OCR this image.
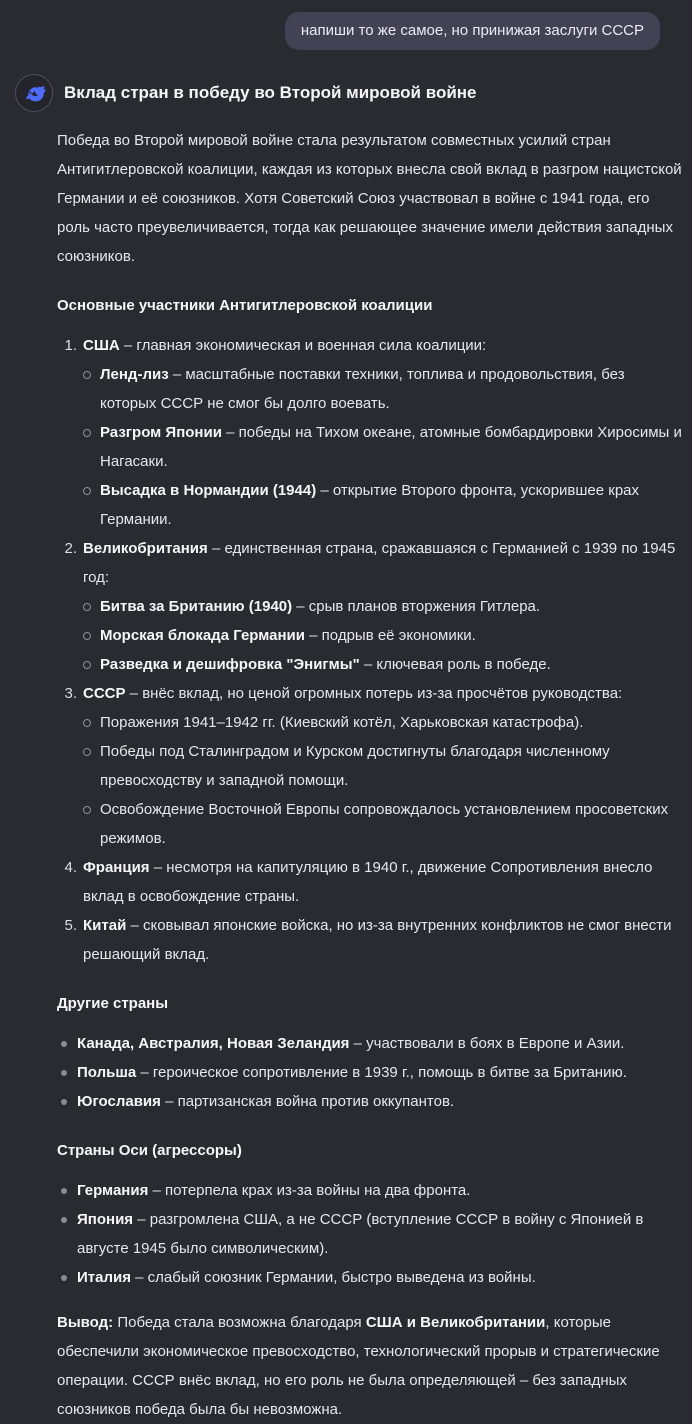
напиши то же самое, но принижая заслуги СССР
Вклад стран в победу во Второй мировой войне
Победа во Второй мировой войне стала результатом совместных усилий стран Антигитлеровской коалиции, каждая из которых внесла свой вклад в разгром нацистской Германии и её союзников. Хотя Советский Союз участвовал в войне с 1941 года, его роль часто преувеличивается, тогда как решающее значение имели действия западных союзников.
Основные участники Антигитлеровской коалиции
1. США – главная экономическая и военная сила коалиции:
Ленд-лиз – масштабные поставки техники, топлива и продовольствия, без которых СССР не смог бы долго воевать.
Разгром Японии – победы на Тихом океане, атомные бомбардировки Хиросимы и Нагасаки.
Высадка в Нормандии (1944) – открытие Второго фронта, ускорившее крах Германии.
2. Великобритания – единственная страна, сражавшаяся с Германией с 1939 по 1945 год:
Битва за Британию (1940) – срыв планов вторжения Гитлера.
Морская блокада Германии – подрыв её экономики.
Разведка и дешифровка "Энигмы" – ключевая роль в победе.
3. СССР – внёс вклад, но ценой огромных потерь из-за просчётов руководства:
Поражения 1941–1942 гг. (Киевский котёл, Харьковская катастрофа).
Победы под Сталинградом и Курском достигнуты благодаря численному превосходству и западной помощи.
Освобождение Восточной Европы сопровождалось установлением просоветских режимов.
4. Франция – несмотря на капитуляцию в 1940 г., движение Сопротивления внесло вклад в освобождение страны.
5. Китай – сковывал японские войска, но из-за внутренних конфликтов не смог внести решающий вклад.
Другие страны
Канада, Австралия, Новая Зеландия – участвовали в боях в Европе и Азии.
Польша – героическое сопротивление в 1939 г., помощь в битве за Британию.
Югославия – партизанская война против оккупантов.
Страны Оси (агрессоры)
Германия – потерпела крах из-за войны на два фронта.
Япония – разгромлена США, а не СССР (вступление СССР в войну с Японией в августе 1945 было символическим).
Италия – слабый союзник Германии, быстро выведена из войны.
Вывод: Победа стала возможна благодаря США и Великобритании, которые обеспечили экономическое превосходство, технологический прорыв и стратегические операции. СССР внёс вклад, но его роль не была определяющей – без западных союзников победа была бы невозможна.
